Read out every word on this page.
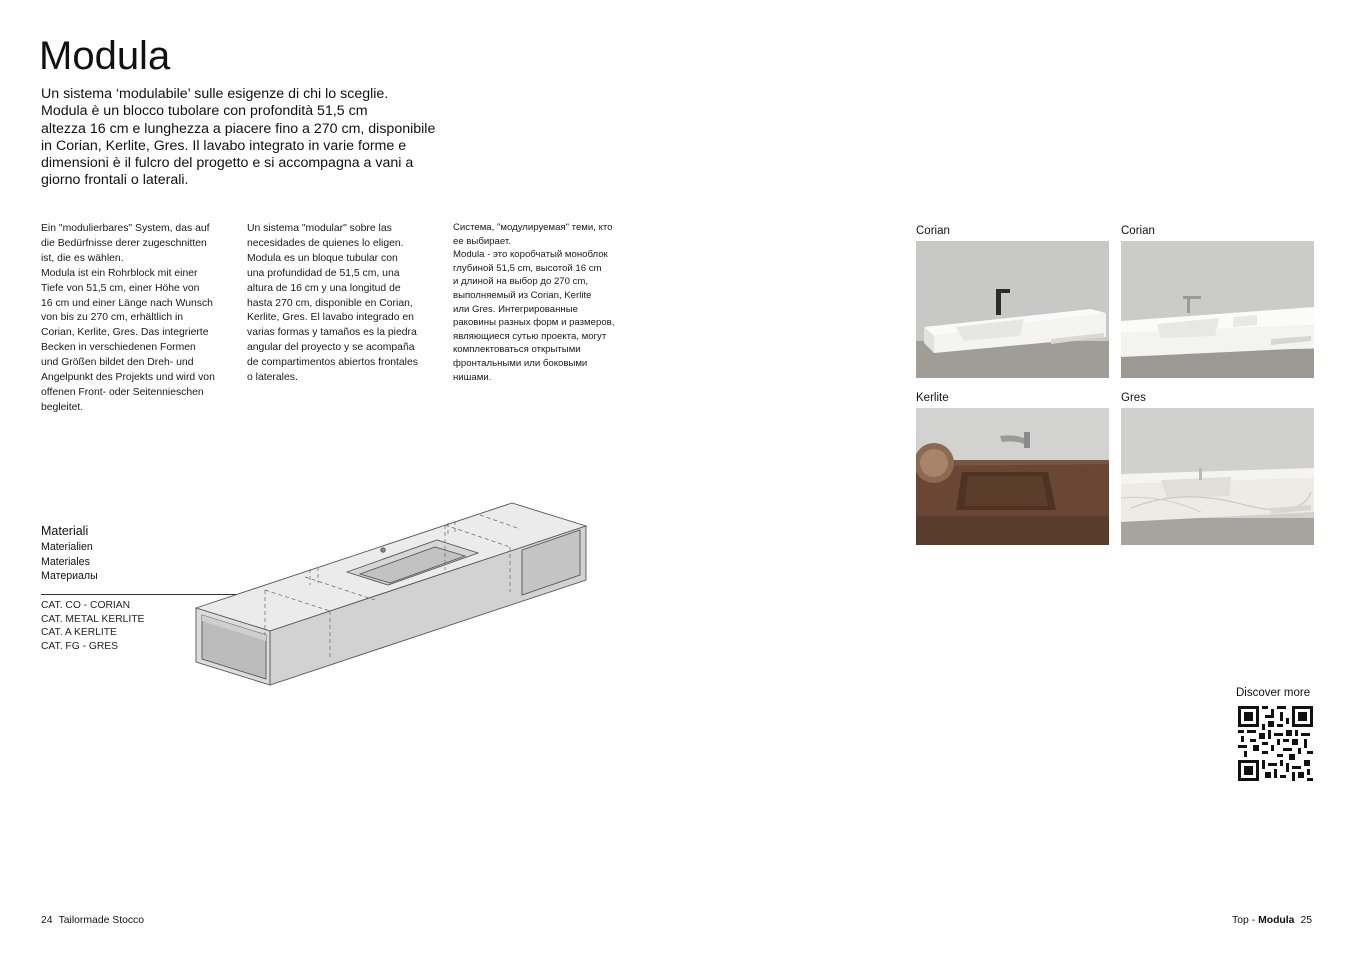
Modula
Un sistema ‘modulabile’ sulle esigenze di chi lo sceglie.
Modula è un blocco tubolare con profondità 51,5 cm
altezza 16 cm e lunghezza a piacere fino a 270 cm, disponibile
in Corian, Kerlite, Gres. Il lavabo integrato in varie forme e
dimensioni è il fulcro del progetto e si accompagna a vani a
giorno frontali o laterali.
Ein "modulierbares" System, das auf
die Bedürfnisse derer zugeschnitten
ist, die es wählen.
Modula ist ein Rohrblock mit einer
Tiefe von 51,5 cm, einer Höhe von
16 cm und einer Länge nach Wunsch
von bis zu 270 cm, erhältlich in
Corian, Kerlite, Gres. Das integrierte
Becken in verschiedenen Formen
und Größen bildet den Dreh- und
Angelpunkt des Projekts und wird von
offenen Front- oder Seitennieschen
begleitet.
Un sistema "modular" sobre las
necesidades de quienes lo eligen.
Modula es un bloque tubular con
una profundidad de 51,5 cm, una
altura de 16 cm y una longitud de
hasta 270 cm, disponible en Corian,
Kerlite, Gres. El lavabo integrado en
varias formas y tamaños es la piedra
angular del proyecto y se acompaña
de compartimentos abiertos frontales
o laterales.
Система, "модулируемая" теми, кто
ее выбирает.
Modula - это коробчатый моноблок
глубиной 51,5 cm, высотой 16 cm
и длиной на выбор до 270 cm,
выполняемый из Corian, Kerlite
или Gres. Интегрированные
раковины разных форм и размеров,
являющиеся сутью проекта, могут
комплектоваться открытыми
фронтальными или боковыми
нишами.
Materiali
Materialien
Materiales
Материалы
CAT. CO - CORIAN
CAT. METAL KERLITE
CAT. A KERLITE
CAT. FG - GRES
Corian	Corian
Kerlite	Gres
Discover more
24 Tailormade Stocco	Top - Modula 25
